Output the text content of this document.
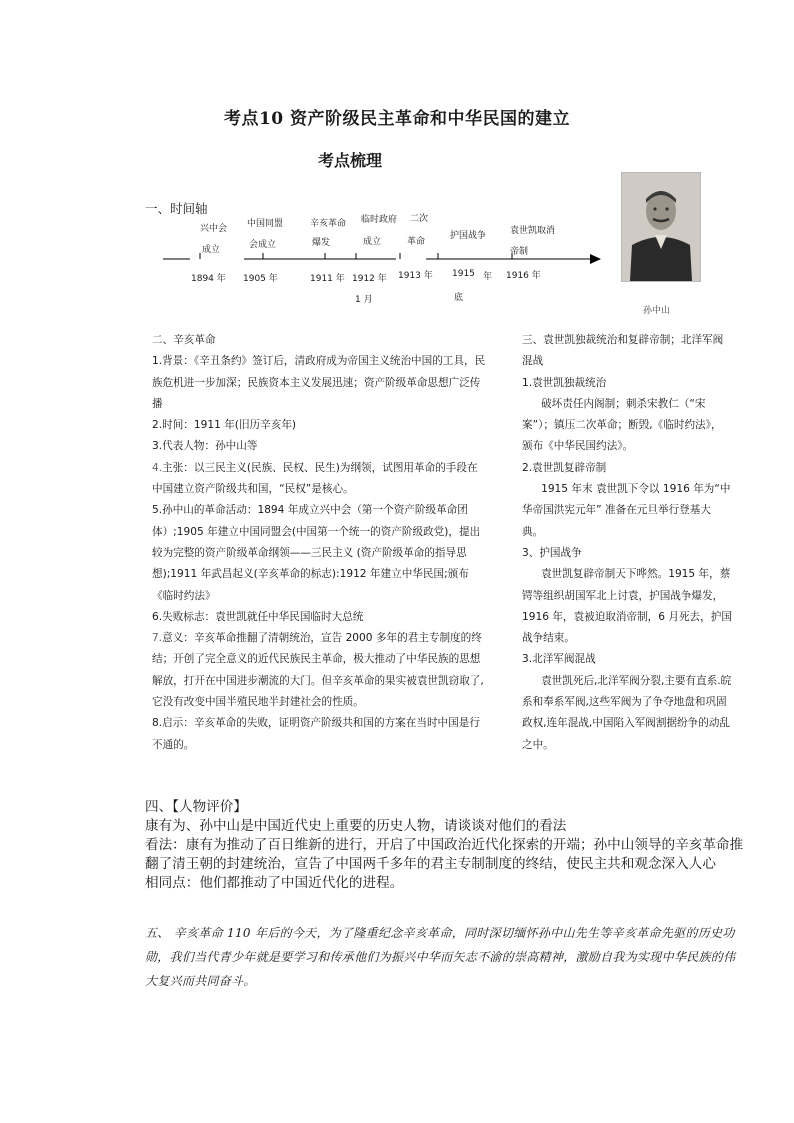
考点10 资产阶级民主革命和中华民国的建立
考点梳理
一、时间轴
兴中会
成立
1894 年
中国同盟
会成立
1905 年
辛亥革命
爆发
1911 年
临时政府
成立
1912 年
1 月
二次
革命
1913 年
护国战争
1915 年
底
袁世凯取消
帝制
1916 年
孙中山

二、辛亥革命

1.背景：《辛丑条约》签订后，清政府成为帝国主义统治中国的工具，民族危机进一步加深；民族资本主义发展迅速；资产阶级革命思想广泛传播

2.时间：1911 年(旧历辛亥年)

3.代表人物：孙中山等

4.主张：以三民主义(民族、民权、民生)为纲领，试图用革命的手段在中国建立资产阶级共和国，“民权”是核心。

5.孙中山的革命活动：1894 年成立兴中会（第一个资产阶级革命团体）;1905 年建立中国同盟会(中国第一个统一的资产阶级政党)，提出较为完整的资产阶级革命纲领——三民主义 (资产阶级革命的指导思想);1911 年武昌起义(辛亥革命的标志):1912 年建立中华民国;颁布《临时约法》

6.失败标志：袁世凯就任中华民国临时大总统

7.意义：辛亥革命推翻了清朝统治，宣告 2000 多年的君主专制度的终结；开创了完全意义的近代民族民主革命，极大推动了中华民族的思想解放，打开在中国进步潮流的大门。但辛亥革命的果实被袁世凯窃取了,它没有改变中国半殖民地半封建社会的性质。

8.启示：辛亥革命的失败，证明资产阶级共和国的方案在当时中国是行不通的。

三、袁世凯独裁统治和复辟帝制；北洋军阀混战

1.袁世凯独裁统治

破坏责任内阁制；刺杀宋教仁（“宋案”）；镇压二次革命；断毁,《临时约法》，颁布《中华民国约法》。

2.袁世凯复辟帝制

1915 年末 袁世凯下令以 1916 年为“中华帝国洪宪元年” 准备在元旦举行登基大典。

3、护国战争

袁世凯复辟帝制天下哗然。1915 年，蔡锷等组织胡国军北上讨袁，护国战争爆发，1916 年，袁被迫取消帝制，6 月死去，护国战争结束。

3.北洋军阀混战

袁世凯死后,北洋军阀分裂,主要有直系.皖系和奉系军阀,这些军阀为了争夺地盘和巩固政权,连年混战,中国陷入军阀割据纷争的动乱之中。

四、【人物评价】

康有为、孙中山是中国近代史上重要的历史人物，请谈谈对他们的看法

看法：康有为推动了百日维新的进行，开启了中国政治近代化探索的开端；孙中山领导的辛亥革命推翻了清王朝的封建统治，宣告了中国两千多年的君主专制制度的终结，使民主共和观念深入人心

相同点：他们都推动了中国近代化的进程。

五、 辛亥革命 110 年后的今天，为了隆重纪念辛亥革命，同时深切缅怀孙中山先生等辛亥革命先驱的历史功勋，我们当代青少年就是要学习和传承他们为振兴中华而矢志不渝的崇高精神，激励自我为实现中华民族的伟大复兴而共同奋斗。
